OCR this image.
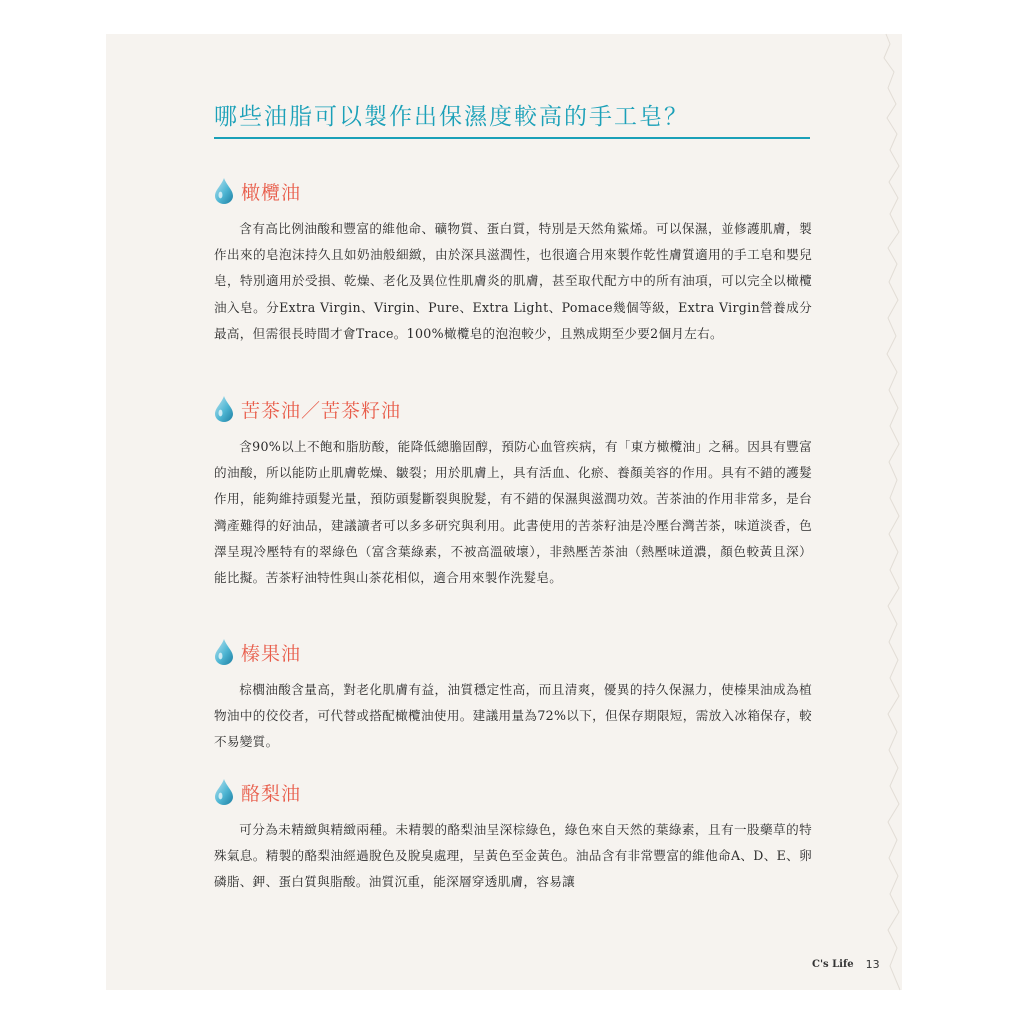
哪些油脂可以製作出保濕度較高的手工皂？
橄欖油

含有高比例油酸和豐富的維他命、礦物質、蛋白質，特別是天然角鯊烯。可以保濕，並修護肌膚，製作出來的皂泡沫持久且如奶油般細緻，由於深具滋潤性，也很適合用來製作乾性膚質適用的手工皂和嬰兒皂，特別適用於受損、乾燥、老化及異位性肌膚炎的肌膚，甚至取代配方中的所有油項，可以完全以橄欖油入皂。分Extra Virgin、Virgin、Pure、Extra Light、Pomace幾個等級，Extra Virgin營養成分最高，但需很長時間才會Trace。100%橄欖皂的泡泡較少，且熟成期至少要2個月左右。

苦茶油／苦茶籽油

含90%以上不飽和脂肪酸，能降低總膽固醇，預防心血管疾病，有「東方橄欖油」之稱。因具有豐富的油酸，所以能防止肌膚乾燥、皺裂；用於肌膚上，具有活血、化瘀、養顏美容的作用。具有不錯的護髮作用，能夠維持頭髮光量，預防頭髮斷裂與脫髮，有不錯的保濕與滋潤功效。苦茶油的作用非常多，是台灣產難得的好油品，建議讀者可以多多研究與利用。此書使用的苦茶籽油是冷壓台灣苦茶，味道淡香，色澤呈現冷壓特有的翠綠色（富含葉綠素，不被高溫破壞），非熱壓苦茶油（熱壓味道濃，顏色較黃且深）能比擬。苦茶籽油特性與山茶花相似，適合用來製作洗髮皂。

榛果油

棕櫚油酸含量高，對老化肌膚有益，油質穩定性高，而且清爽，優異的持久保濕力，使榛果油成為植物油中的佼佼者，可代替或搭配橄欖油使用。建議用量為72%以下，但保存期限短，需放入冰箱保存，較不易變質。

酪梨油

可分為未精緻與精緻兩種。未精製的酪梨油呈深棕綠色，綠色來自天然的葉綠素，且有一股藥草的特殊氣息。精製的酪梨油經過脫色及脫臭處理，呈黃色至金黃色。油品含有非常豐富的維他命A、D、E、卵磷脂、鉀、蛋白質與脂酸。油質沉重，能深層穿透肌膚，容易讓

C's Life 13
